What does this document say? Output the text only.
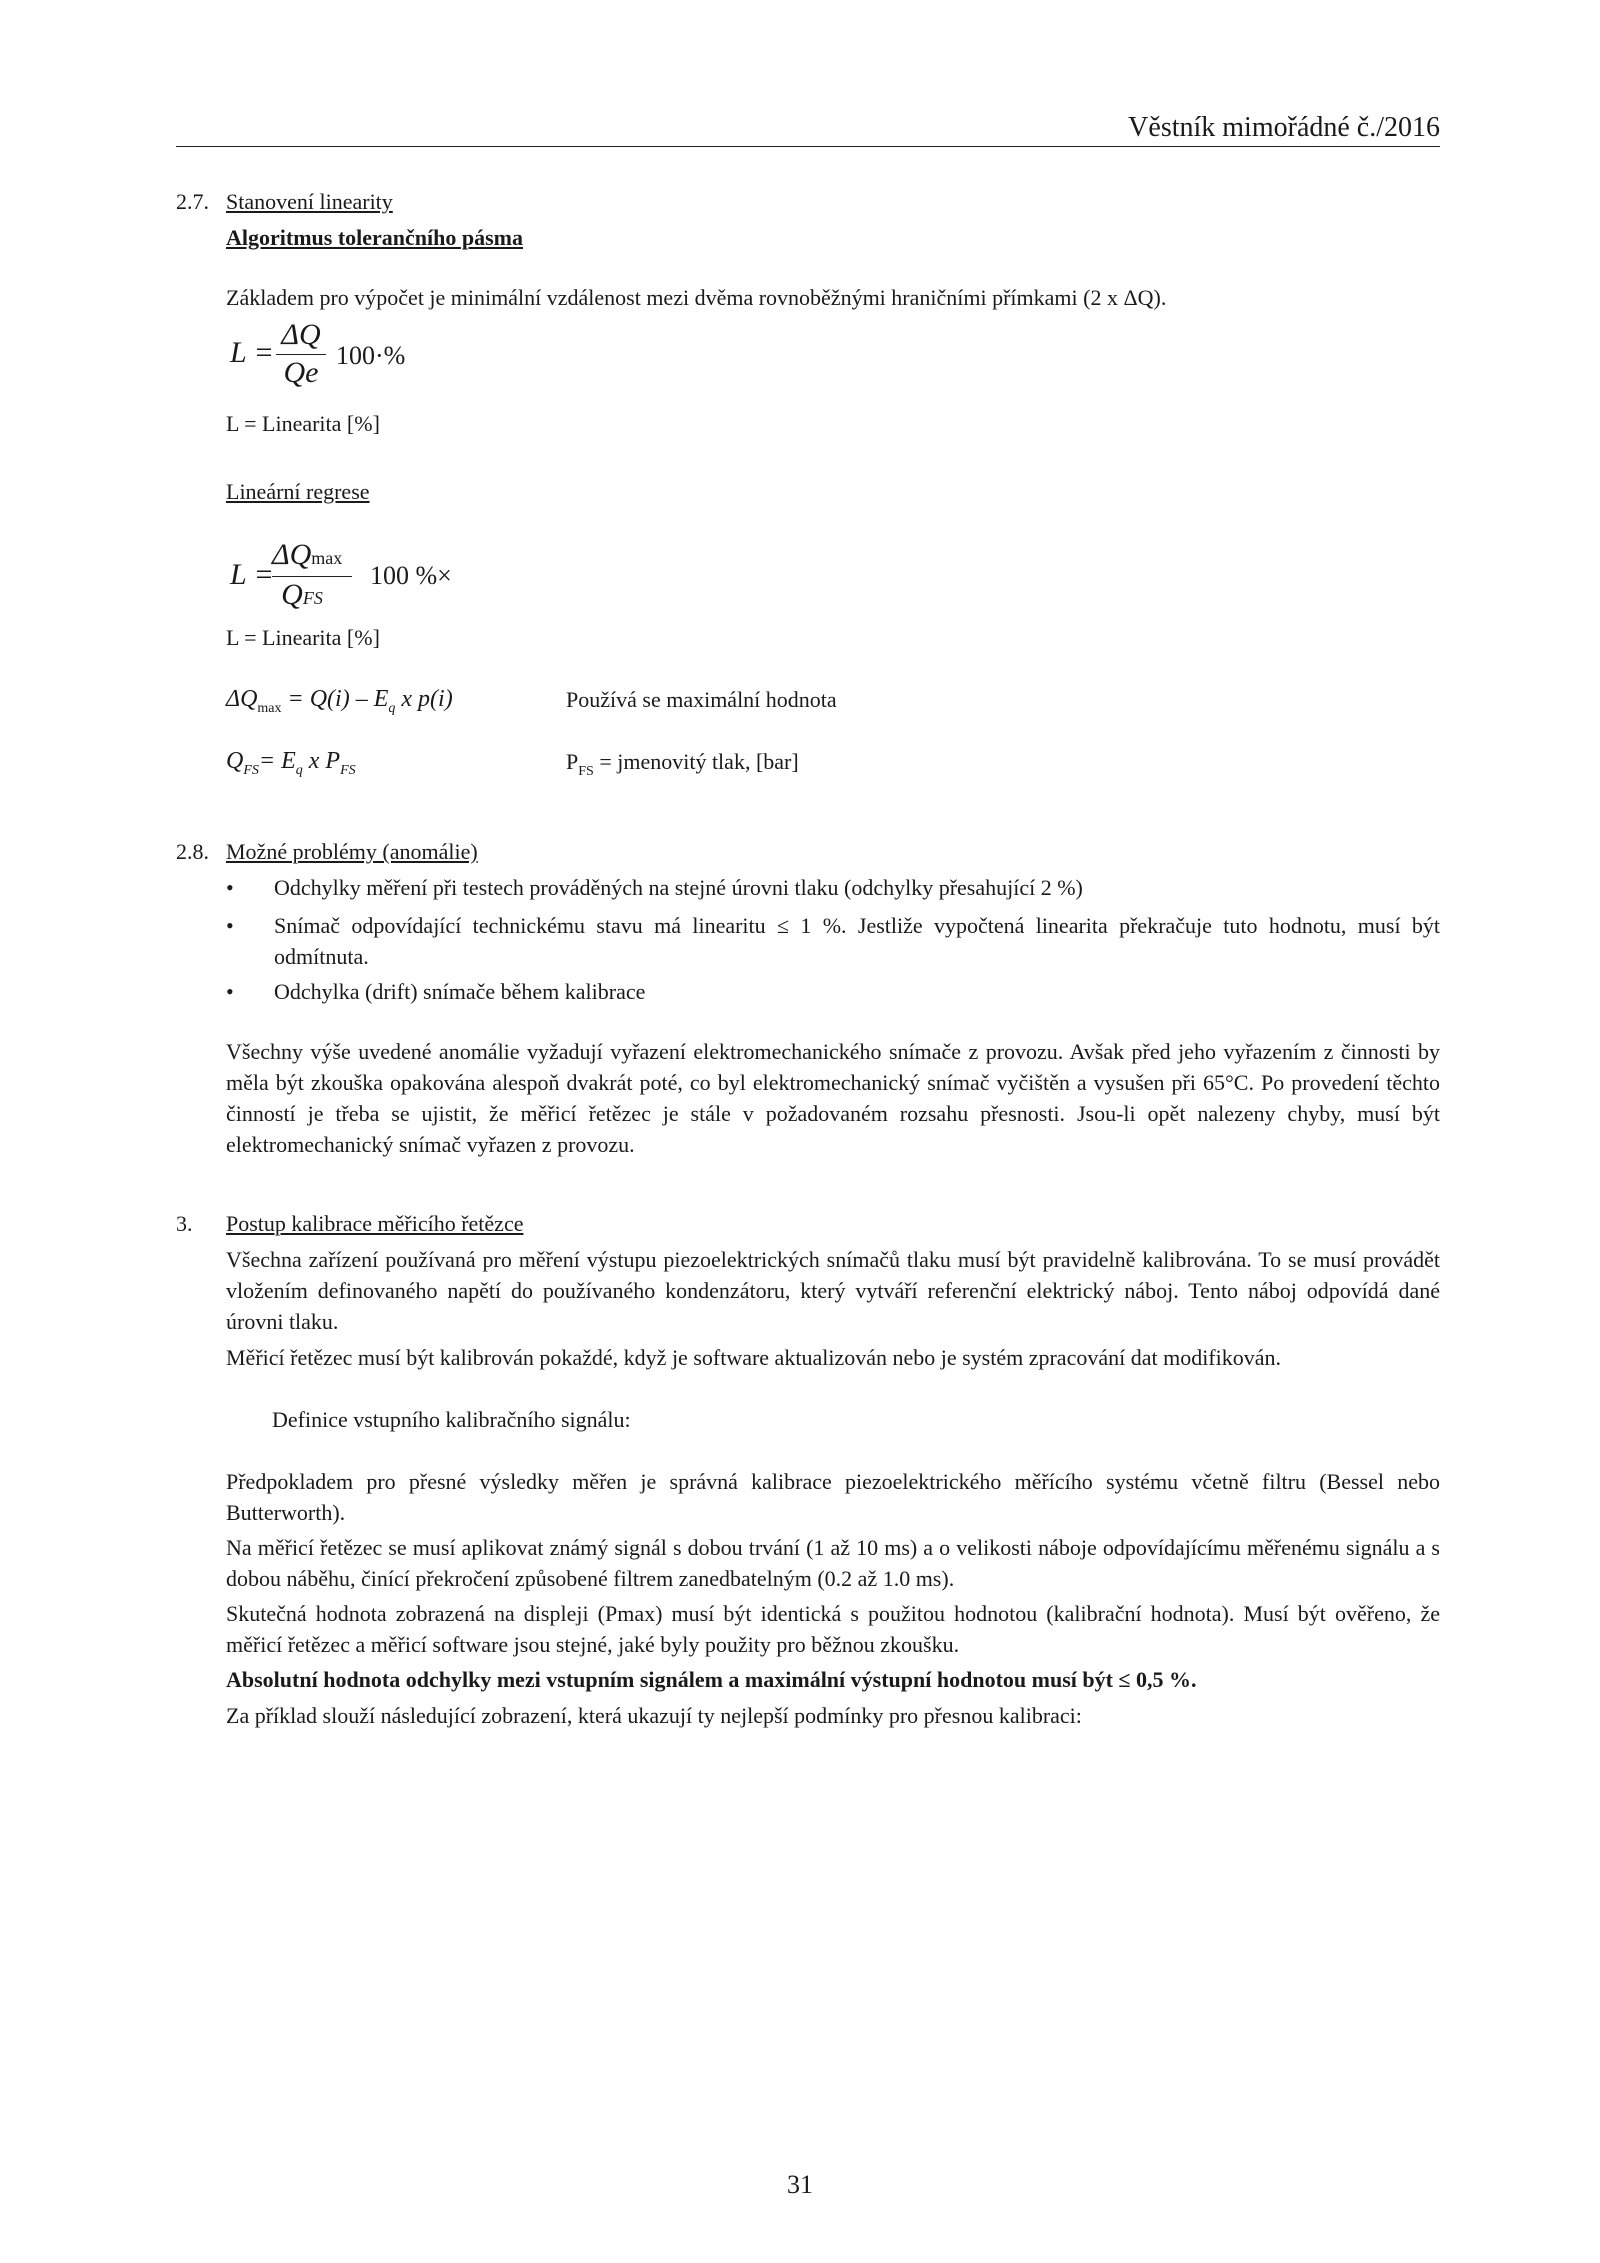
Věstník mimořádné č./2016
2.7. Stanovení linearity
Algoritmus tolerančního pásma
Základem pro výpočet je minimální vzdálenost mezi dvěma rovnoběžnými hraničními přímkami (2 x ΔQ).
L =
ΔQ
Qe
100·%
L = Linearita [%]
Lineární regrese
L =
ΔQmax
QFS
100 %×
L = Linearita [%]
$\Delta Q_{max} = Q(i) - E_q$ x p(i)	Používá se maximální hodnota
$Q_{FS}= E_q$ x $P_{FS}$	$P_{FS}$ = jmenovitý tlak, [bar]
2.8. Možné problémy (anomálie)
• Odchylky měření při testech prováděných na stejné úrovni tlaku (odchylky přesahující 2 %)
• Snímač odpovídající technickému stavu má linearitu ≤ 1 %. Jestliže vypočtená linearita překračuje tuto hodnotu, musí být odmítnuta.
• Odchylka (drift) snímače během kalibrace
Všechny výše uvedené anomálie vyžadují vyřazení elektromechanického snímače z provozu. Avšak před jeho vyřazením z činnosti by měla být zkouška opakována alespoň dvakrát poté, co byl elektromechanický snímač vyčištěn a vysušen při 65°C. Po provedení těchto činností je třeba se ujistit, že měřicí řetězec je stále v požadovaném rozsahu přesnosti. Jsou-li opět nalezeny chyby, musí být elektromechanický snímač vyřazen z provozu.
3. Postup kalibrace měřicího řetězce
Všechna zařízení používaná pro měření výstupu piezoelektrických snímačů tlaku musí být pravidelně kalibrována. To se musí provádět vložením definovaného napětí do používaného kondenzátoru, který vytváří referenční elektrický náboj. Tento náboj odpovídá dané úrovni tlaku.
Měřicí řetězec musí být kalibrován pokaždé, když je software aktualizován nebo je systém zpracování dat modifikován.
Definice vstupního kalibračního signálu:
Předpokladem pro přesné výsledky měřen je správná kalibrace piezoelektrického měřícího systému včetně filtru (Bessel nebo Butterworth).
Na měřicí řetězec se musí aplikovat známý signál s dobou trvání (1 až 10 ms) a o velikosti náboje odpovídajícímu měřenému signálu a s dobou náběhu, činící překročení způsobené filtrem zanedbatelným (0.2 až 1.0 ms).
Skutečná hodnota zobrazená na displeji (Pmax) musí být identická s použitou hodnotou (kalibrační hodnota). Musí být ověřeno, že měřicí řetězec a měřicí software jsou stejné, jaké byly použity pro běžnou zkoušku.
Absolutní hodnota odchylky mezi vstupním signálem a maximální výstupní hodnotou musí být ≤ 0,5 %.
Za příklad slouží následující zobrazení, která ukazují ty nejlepší podmínky pro přesnou kalibraci:
31
